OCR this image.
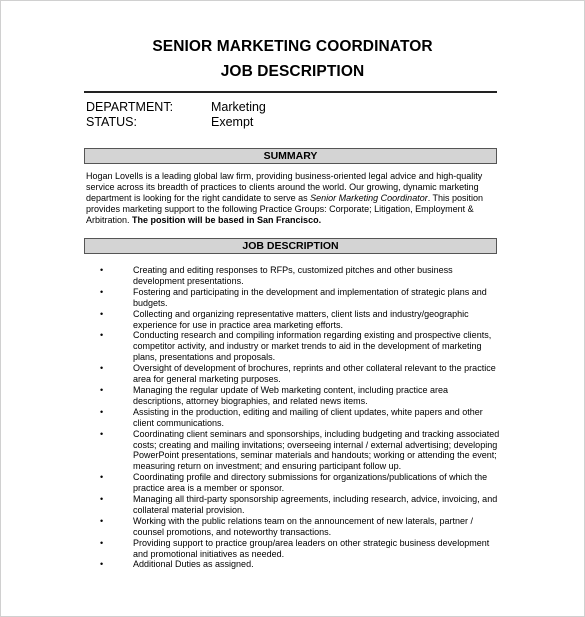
SENIOR MARKETING COORDINATOR
JOB DESCRIPTION
DEPARTMENT:	Marketing
STATUS:	Exempt
SUMMARY
Hogan Lovells is a leading global law firm, providing business-oriented legal advice and high-quality service across its breadth of practices to clients around the world. Our growing, dynamic marketing department is looking for the right candidate to serve as Senior Marketing Coordinator. This position provides marketing support to the following Practice Groups: Corporate; Litigation, Employment & Arbitration. The position will be based in San Francisco.
JOB DESCRIPTION
•	Creating and editing responses to RFPs, customized pitches and other business development presentations.
•	Fostering and participating in the development and implementation of strategic plans and budgets.
•	Collecting and organizing representative matters, client lists and industry/geographic experience for use in practice area marketing efforts.
•	Conducting research and compiling information regarding existing and prospective clients, competitor activity, and industry or market trends to aid in the development of marketing plans, presentations and proposals.
•	Oversight of development of brochures, reprints and other collateral relevant to the practice area for general marketing purposes.
•	Managing the regular update of Web marketing content, including practice area descriptions, attorney biographies, and related news items.
•	Assisting in the production, editing and mailing of client updates, white papers and other client communications.
•	Coordinating client seminars and sponsorships, including budgeting and tracking associated costs; creating and mailing invitations; overseeing internal / external advertising; developing PowerPoint presentations, seminar materials and handouts; working or attending the event; measuring return on investment; and ensuring participant follow up.
•	Coordinating profile and directory submissions for organizations/publications of which the practice area is a member or sponsor.
•	Managing all third-party sponsorship agreements, including research, advice, invoicing, and collateral material provision.
•	Working with the public relations team on the announcement of new laterals, partner / counsel promotions, and noteworthy transactions.
•	Providing support to practice group/area leaders on other strategic business development and promotional initiatives as needed.
•	Additional Duties as assigned.
